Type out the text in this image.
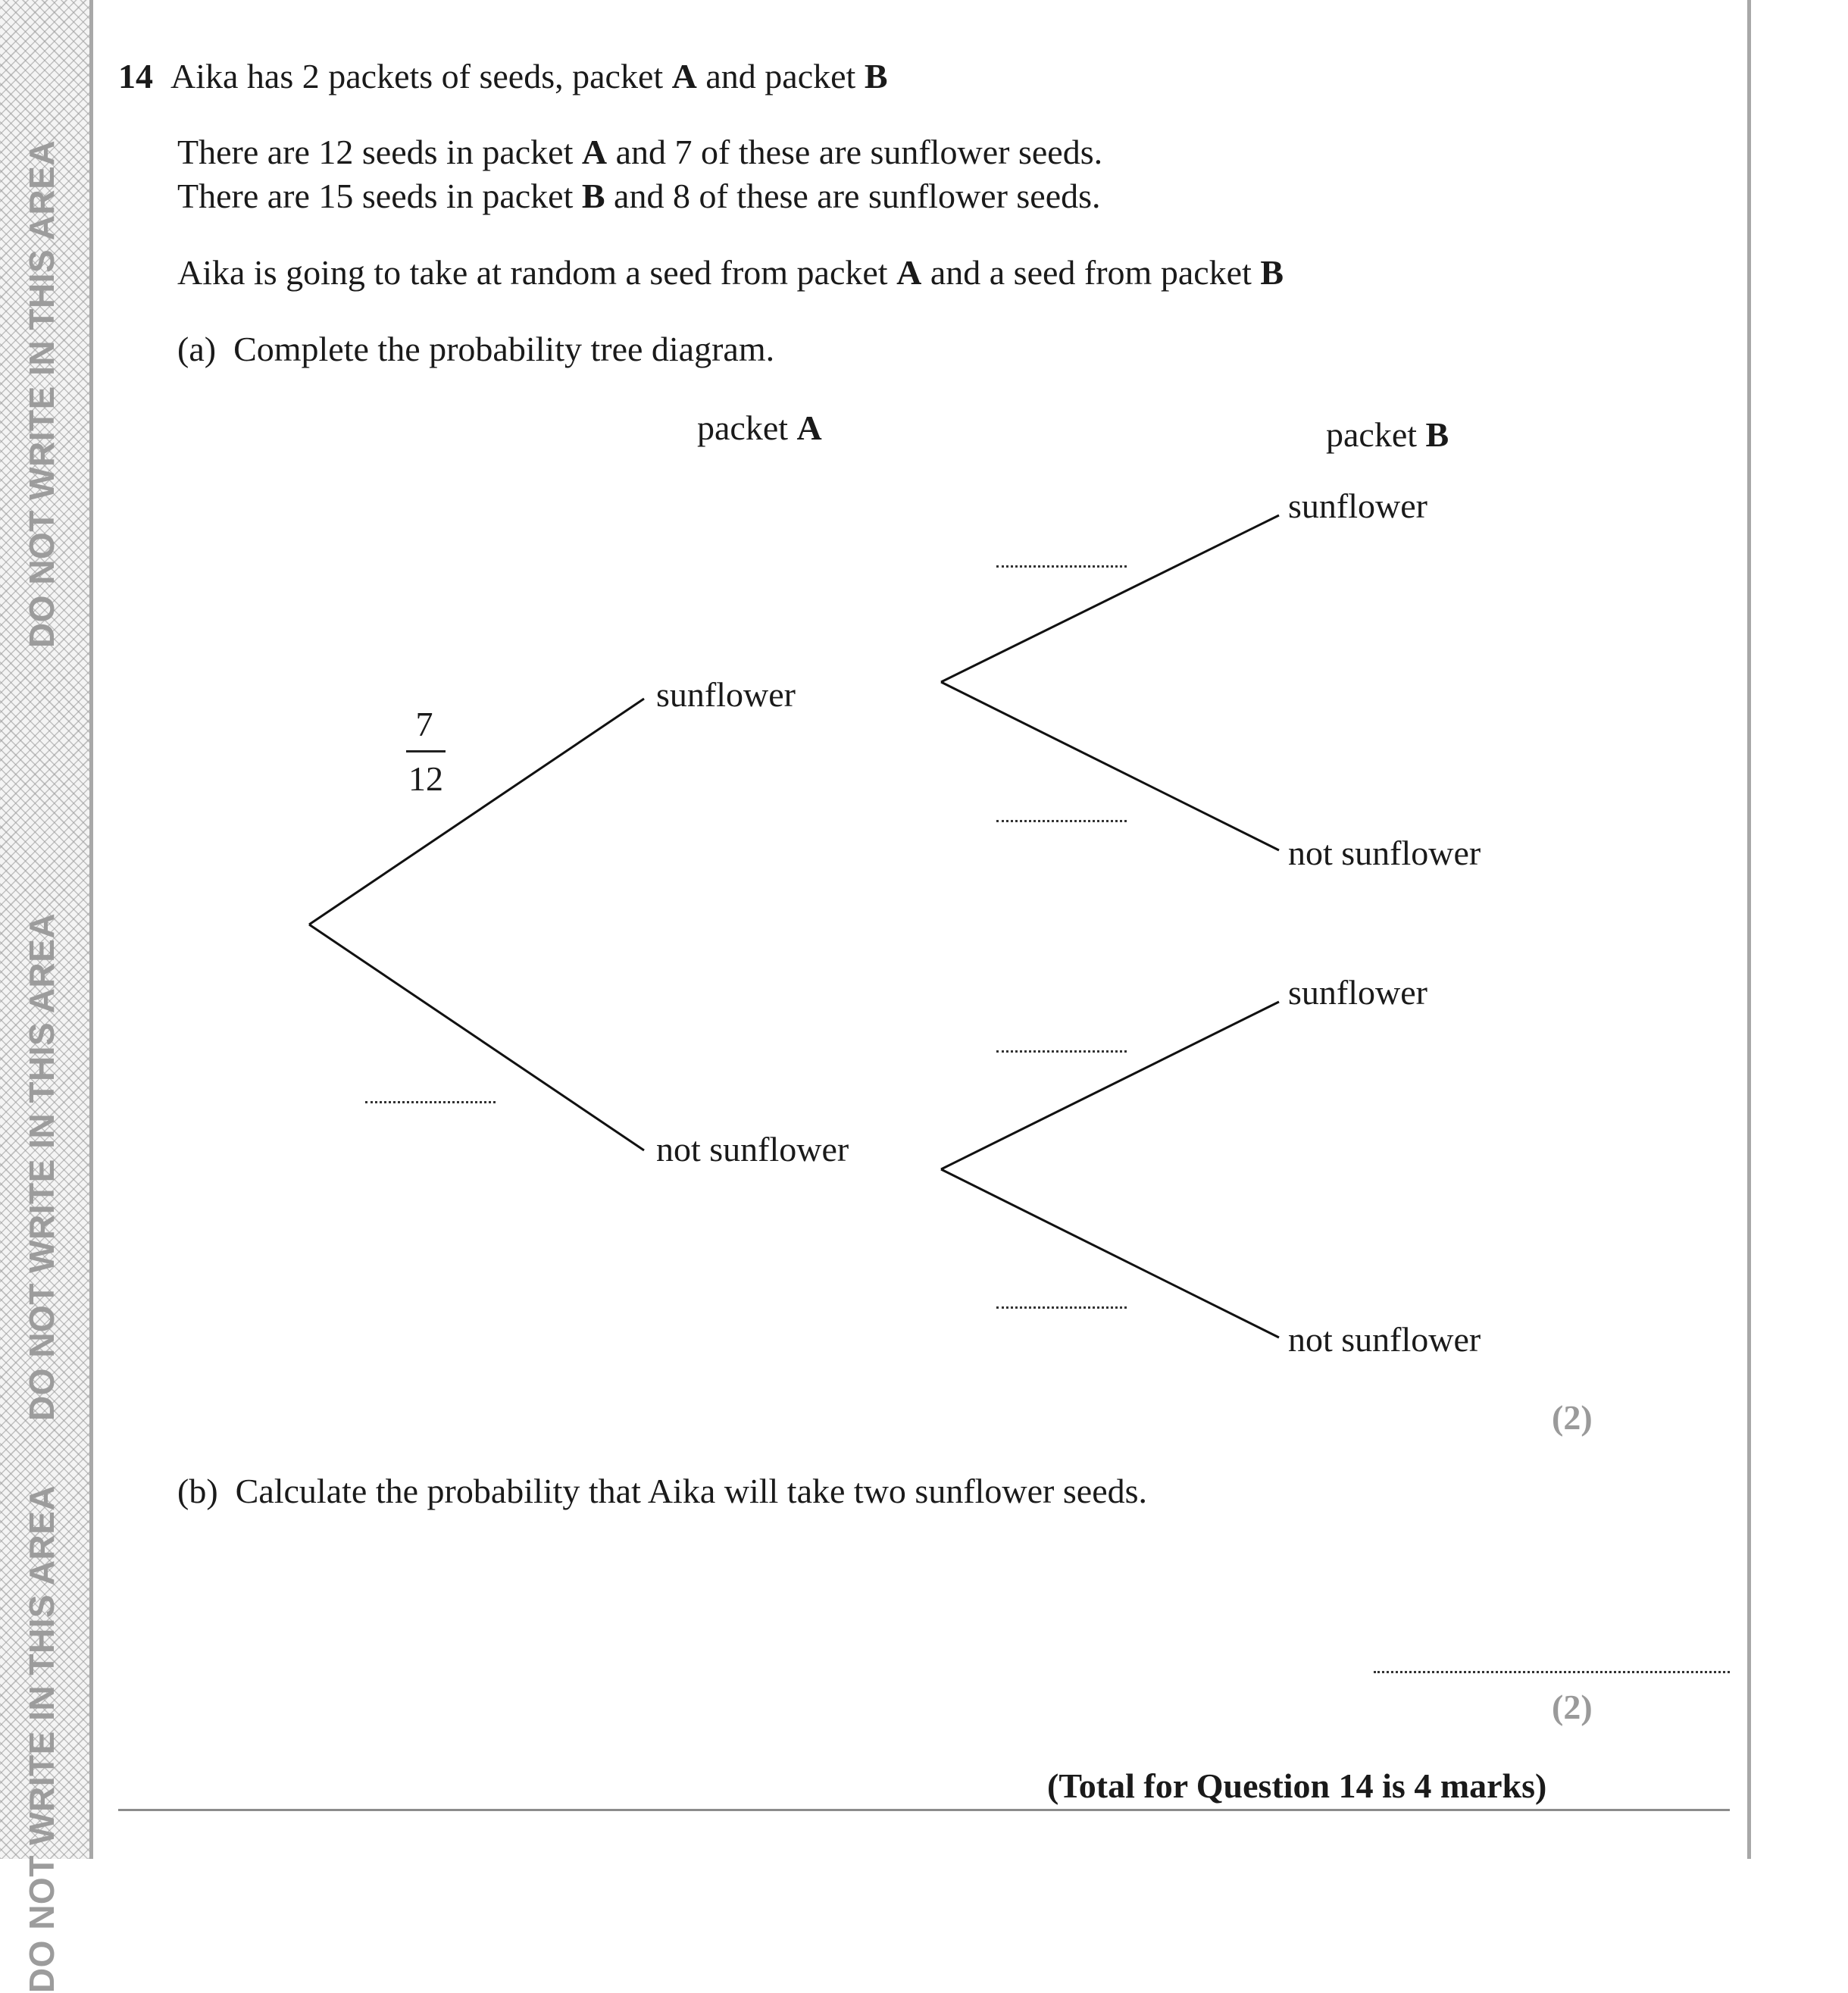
DO NOT WRITE IN THIS AREA
DO NOT WRITE IN THIS AREA
DO NOT WRITE IN THIS AREA
14 Aika has 2 packets of seeds, packet A and packet B
There are 12 seeds in packet A and 7 of these are sunflower seeds.
There are 15 seeds in packet B and 8 of these are sunflower seeds.
Aika is going to take at random a seed from packet A and a seed from packet B
(a) Complete the probability tree diagram.
packet A	packet B
7
12
sunflower
not sunflower
sunflower
not sunflower
sunflower
not sunflower
(2)
(b) Calculate the probability that Aika will take two sunflower seeds.
(2)
(Total for Question 14 is 4 marks)
